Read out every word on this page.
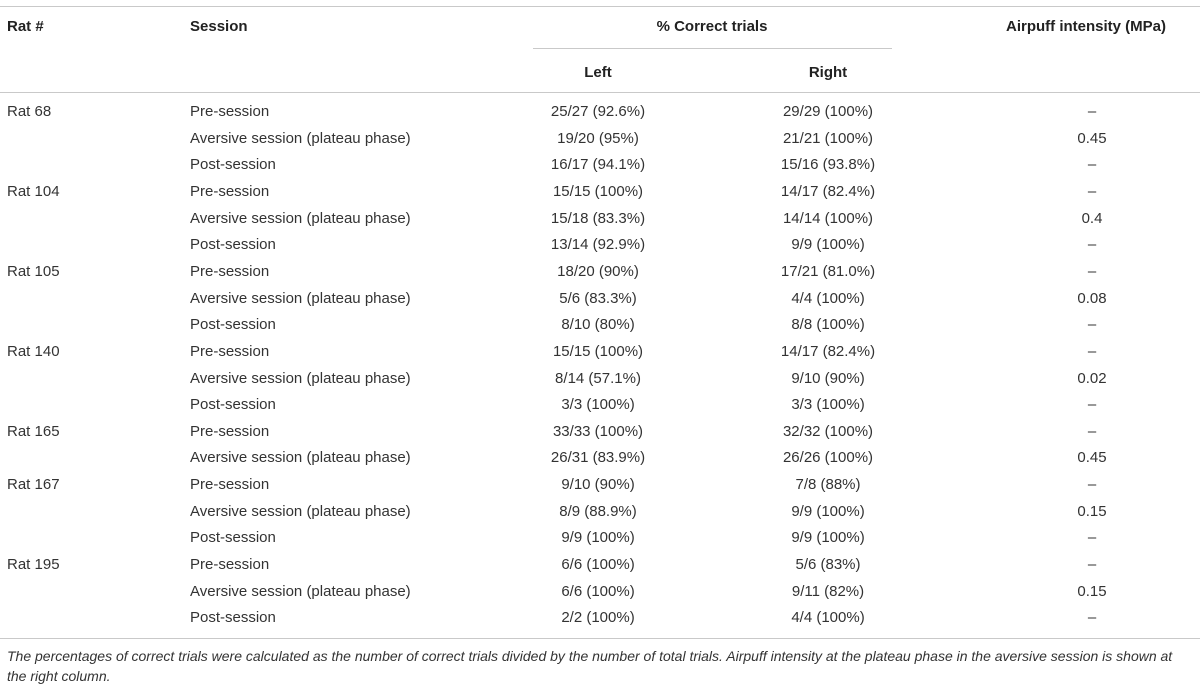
Rat #	Session	% Correct trials	Airpuff intensity (MPa)
Left	Right
Rat 68	Pre-session	25/27 (92.6%)	29/29 (100%)	–
Aversive session (plateau phase)	19/20 (95%)	21/21 (100%)	0.45
Post-session	16/17 (94.1%)	15/16 (93.8%)	–
Rat 104	Pre-session	15/15 (100%)	14/17 (82.4%)	–
Aversive session (plateau phase)	15/18 (83.3%)	14/14 (100%)	0.4
Post-session	13/14 (92.9%)	9/9 (100%)	–
Rat 105	Pre-session	18/20 (90%)	17/21 (81.0%)	–
Aversive session (plateau phase)	5/6 (83.3%)	4/4 (100%)	0.08
Post-session	8/10 (80%)	8/8 (100%)	–
Rat 140	Pre-session	15/15 (100%)	14/17 (82.4%)	–
Aversive session (plateau phase)	8/14 (57.1%)	9/10 (90%)	0.02
Post-session	3/3 (100%)	3/3 (100%)	–
Rat 165	Pre-session	33/33 (100%)	32/32 (100%)	–
Aversive session (plateau phase)	26/31 (83.9%)	26/26 (100%)	0.45
Rat 167	Pre-session	9/10 (90%)	7/8 (88%)	–
Aversive session (plateau phase)	8/9 (88.9%)	9/9 (100%)	0.15
Post-session	9/9 (100%)	9/9 (100%)	–
Rat 195	Pre-session	6/6 (100%)	5/6 (83%)	–
Aversive session (plateau phase)	6/6 (100%)	9/11 (82%)	0.15
Post-session	2/2 (100%)	4/4 (100%)	–
The percentages of correct trials were calculated as the number of correct trials divided by the number of total trials. Airpuff intensity at the plateau phase in the aversive session is shown at the right column.
